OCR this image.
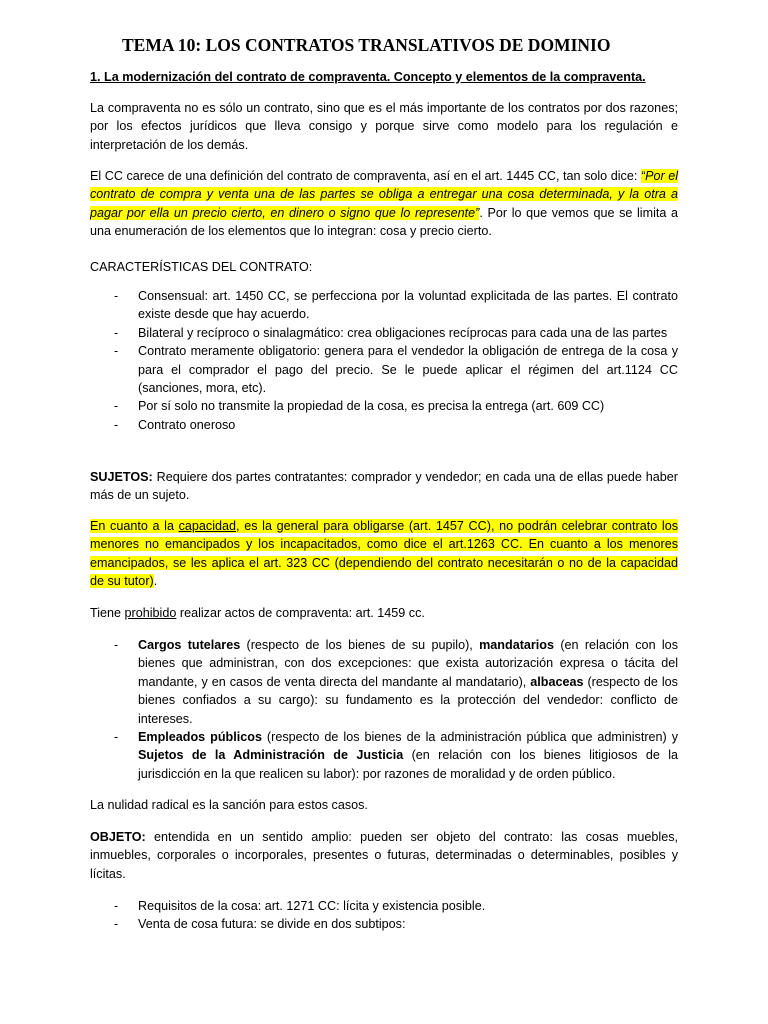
TEMA 10: LOS CONTRATOS TRANSLATIVOS DE DOMINIO

1. La modernización del contrato de compraventa. Concepto y elementos de la compraventa.

La compraventa no es sólo un contrato, sino que es el más importante de los contratos por dos razones; por los efectos jurídicos que lleva consigo y porque sirve como modelo para los regulación e interpretación de los demás.

El CC carece de una definición del contrato de compraventa, así en el art. 1445 CC, tan solo dice: “Por el contrato de compra y venta una de las partes se obliga a entregar una cosa determinada, y la otra a pagar por ella un precio cierto, en dinero o signo que lo represente”. Por lo que vemos que se limita a una enumeración de los elementos que lo integran: cosa y precio cierto.

CARACTERÍSTICAS DEL CONTRATO:

- Consensual: art. 1450 CC, se perfecciona por la voluntad explicitada de las partes. El contrato existe desde que hay acuerdo.
- Bilateral y recíproco o sinalagmático: crea obligaciones recíprocas para cada una de las partes
- Contrato meramente obligatorio: genera para el vendedor la obligación de entrega de la cosa y para el comprador el pago del precio. Se le puede aplicar el régimen del art.1124 CC (sanciones, mora, etc).
- Por sí solo no transmite la propiedad de la cosa, es precisa la entrega (art. 609 CC)
- Contrato oneroso

SUJETOS: Requiere dos partes contratantes: comprador y vendedor; en cada una de ellas puede haber más de un sujeto.

En cuanto a la capacidad, es la general para obligarse (art. 1457 CC), no podrán celebrar contrato los menores no emancipados y los incapacitados, como dice el art.1263 CC. En cuanto a los menores emancipados, se les aplica el art. 323 CC (dependiendo del contrato necesitarán o no de la capacidad de su tutor).

Tiene prohibido realizar actos de compraventa: art. 1459 cc.

- Cargos tutelares (respecto de los bienes de su pupilo), mandatarios (en relación con los bienes que administran, con dos excepciones: que exista autorización expresa o tácita del mandante, y en casos de venta directa del mandante al mandatario), albaceas (respecto de los bienes confiados a su cargo): su fundamento es la protección del vendedor: conflicto de intereses.
- Empleados públicos (respecto de los bienes de la administración pública que administren) y Sujetos de la Administración de Justicia (en relación con los bienes litigiosos de la jurisdicción en la que realicen su labor): por razones de moralidad y de orden público.

La nulidad radical es la sanción para estos casos.

OBJETO: entendida en un sentido amplio: pueden ser objeto del contrato: las cosas muebles, inmuebles, corporales o incorporales, presentes o futuras, determinadas o determinables, posibles y lícitas.

- Requisitos de la cosa: art. 1271 CC: lícita y existencia posible.
- Venta de cosa futura: se divide en dos subtipos:
